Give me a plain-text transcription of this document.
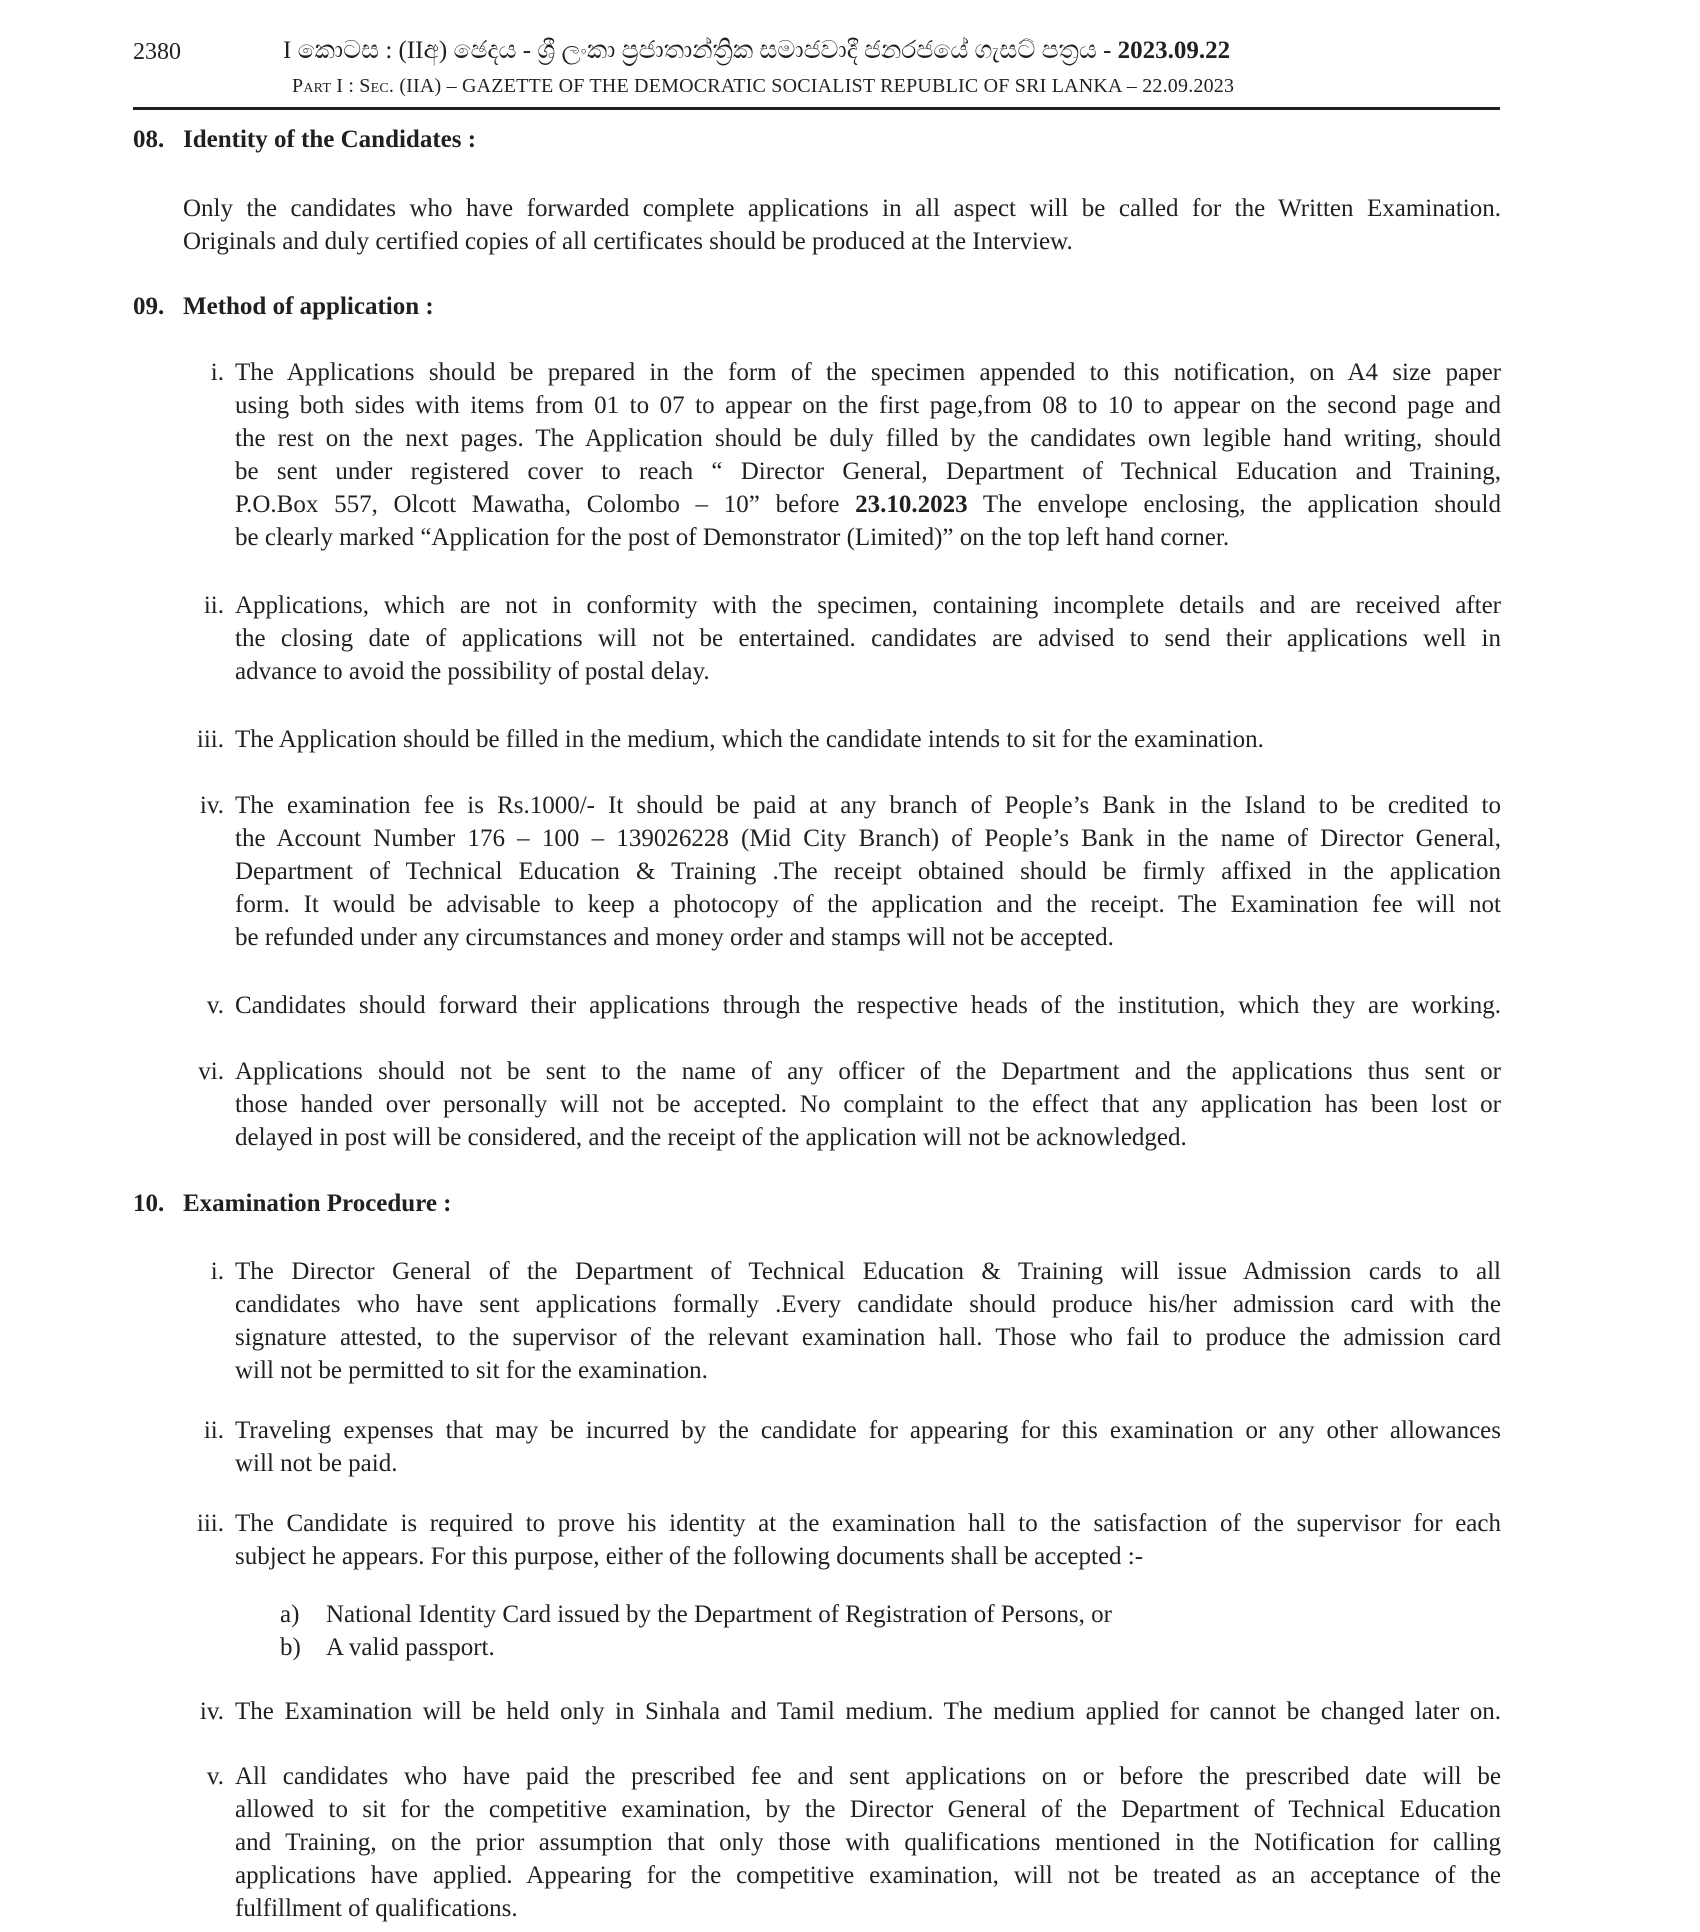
2380	I කොටස : (IIඅ) ඡෙදය - ශ්‍රී ලංකා ප්‍රජාතාන්ත්‍රික සමාජවාදී ජනරජයේ ගැසට් පත්‍රය - 2023.09.22
Part I : Sec. (IIA) – GAZETTE OF THE DEMOCRATIC SOCIALIST REPUBLIC OF SRI LANKA – 22.09.2023
08. Identity of the Candidates :
Only the candidates who have forwarded complete applications in all aspect will be called for the Written Examination.
Originals and duly certified copies of all certificates should be produced at the Interview.
09. Method of application :
i. The Applications should be prepared in the form of the specimen appended to this notification, on A4 size paper
using both sides with items from 01 to 07 to appear on the first page,from 08 to 10 to appear on the second page and
the rest on the next pages. The Application should be duly filled by the candidates own legible hand writing, should
be sent under registered cover to reach “ Director General, Department of Technical Education and Training,
P.O.Box 557, Olcott Mawatha, Colombo – 10” before 23.10.2023 The envelope enclosing, the application should
be clearly marked “Application for the post of Demonstrator (Limited)” on the top left hand corner.
ii. Applications, which are not in conformity with the specimen, containing incomplete details and are received after
the closing date of applications will not be entertained. candidates are advised to send their applications well in
advance to avoid the possibility of postal delay.
iii. The Application should be filled in the medium, which the candidate intends to sit for the examination.
iv. The examination fee is Rs.1000/- It should be paid at any branch of People’s Bank in the Island to be credited to
the Account Number 176 – 100 – 139026228 (Mid City Branch) of People’s Bank in the name of Director General,
Department of Technical Education & Training .The receipt obtained should be firmly affixed in the application
form. It would be advisable to keep a photocopy of the application and the receipt. The Examination fee will not
be refunded under any circumstances and money order and stamps will not be accepted.
v. Candidates should forward their applications through the respective heads of the institution, which they are working.
vi. Applications should not be sent to the name of any officer of the Department and the applications thus sent or
those handed over personally will not be accepted. No complaint to the effect that any application has been lost or
delayed in post will be considered, and the receipt of the application will not be acknowledged.
10. Examination Procedure :
i. The Director General of the Department of Technical Education & Training will issue Admission cards to all
candidates who have sent applications formally .Every candidate should produce his/her admission card with the
signature attested, to the supervisor of the relevant examination hall. Those who fail to produce the admission card
will not be permitted to sit for the examination.
ii. Traveling expenses that may be incurred by the candidate for appearing for this examination or any other allowances
will not be paid.
iii. The Candidate is required to prove his identity at the examination hall to the satisfaction of the supervisor for each
subject he appears. For this purpose, either of the following documents shall be accepted :-
a) National Identity Card issued by the Department of Registration of Persons, or
b) A valid passport.
iv. The Examination will be held only in Sinhala and Tamil medium. The medium applied for cannot be changed later on.
v. All candidates who have paid the prescribed fee and sent applications on or before the prescribed date will be
allowed to sit for the competitive examination, by the Director General of the Department of Technical Education
and Training, on the prior assumption that only those with qualifications mentioned in the Notification for calling
applications have applied. Appearing for the competitive examination, will not be treated as an acceptance of the
fulfillment of qualifications.
